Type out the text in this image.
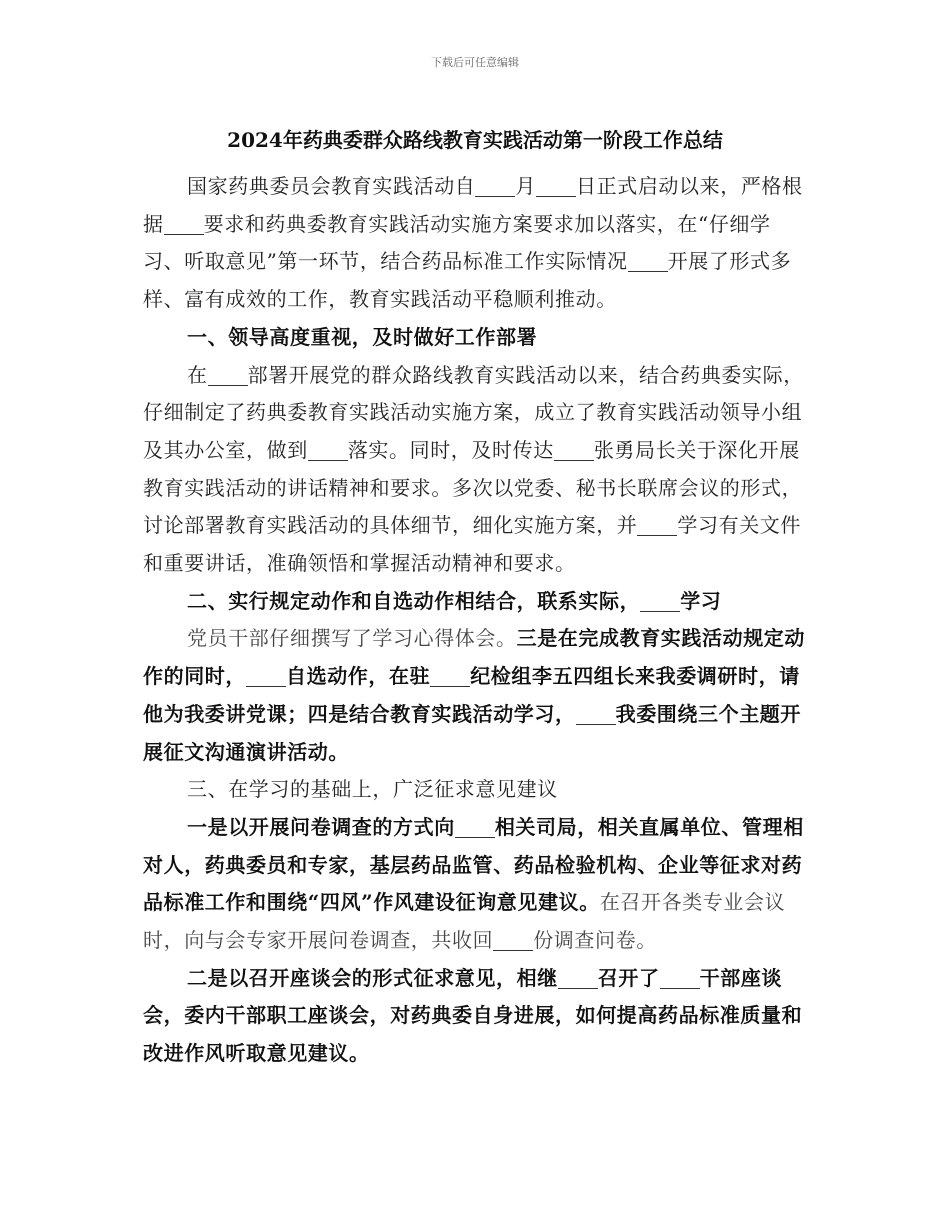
下载后可任意编辑
2024年药典委群众路线教育实践活动第一阶段工作总结

国家药典委员会教育实践活动自 月 日正式启动以来，严格根据 要求和药典委教育实践活动实施方案要求加以落实，在“仔细学习、听取意见”第一环节，结合药品标准工作实际情况 开展了形式多样、富有成效的工作，教育实践活动平稳顺利推动。

一、领导高度重视，及时做好工作部署

在 部署开展党的群众路线教育实践活动以来，结合药典委实际，仔细制定了药典委教育实践活动实施方案，成立了教育实践活动领导小组及其办公室，做到 落实。同时，及时传达 张勇局长关于深化开展教育实践活动的讲话精神和要求。多次以党委、秘书长联席会议的形式，讨论部署教育实践活动的具体细节，细化实施方案，并 学习有关文件和重要讲话，准确领悟和掌握活动精神和要求。

二、实行规定动作和自选动作相结合，联系实际， 学习

党员干部仔细撰写了学习心得体会。三是在完成教育实践活动规定动作的同时， 自选动作，在驻 纪检组李五四组长来我委调研时，请他为我委讲党课；四是结合教育实践活动学习， 我委围绕三个主题开展征文沟通演讲活动。

三、在学习的基础上，广泛征求意见建议

一是以开展问卷调查的方式向 相关司局，相关直属单位、管理相对人，药典委员和专家，基层药品监管、药品检验机构、企业等征求对药品标准工作和围绕“四风”作风建设征询意见建议。在召开各类专业会议时，向与会专家开展问卷调查，共收回 份调查问卷。

二是以召开座谈会的形式征求意见，相继 召开了 干部座谈会，委内干部职工座谈会，对药典委自身进展，如何提高药品标准质量和改进作风听取意见建议。
